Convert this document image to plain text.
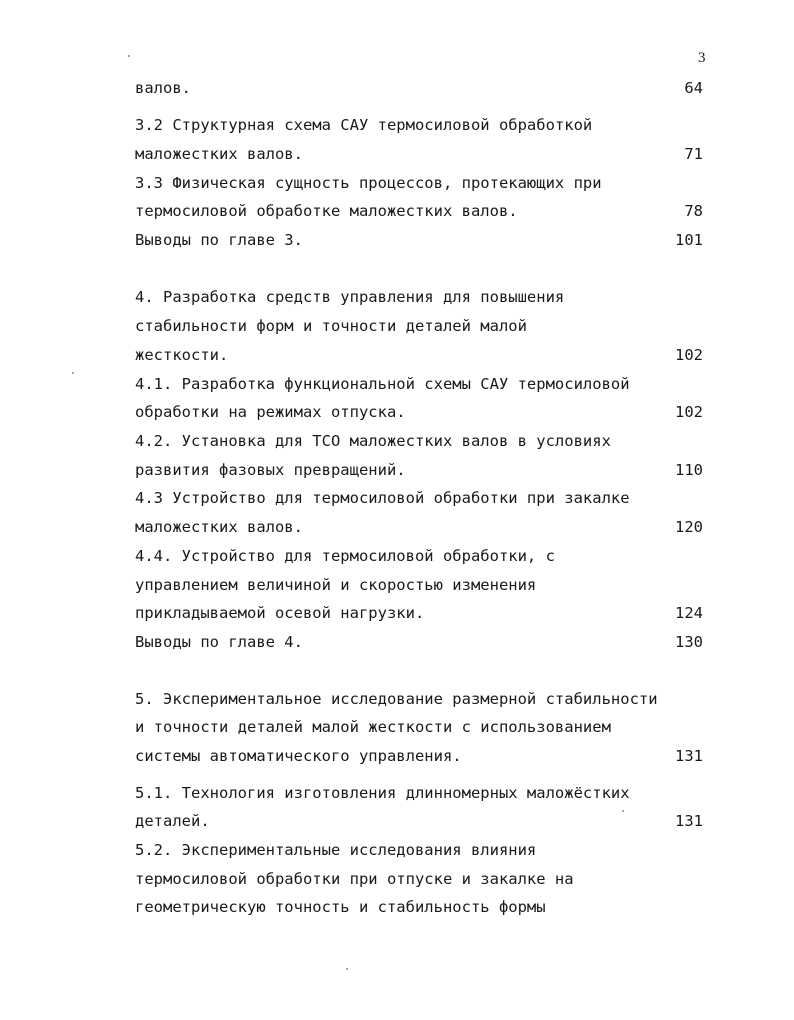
3
валов.	64
3.2 Структурная схема САУ термосиловой обработкой
маложестких валов.	71
3.3 Физическая сущность процессов, протекающих при
термосиловой обработке маложестких валов.	78
Выводы по главе 3.	101
4. Разработка средств управления для повышения
стабильности форм и точности деталей малой
жесткости.	102
4.1. Разработка функциональной схемы САУ термосиловой
обработки на режимах отпуска.	102
4.2. Установка для ТСО маложестких валов в условиях
развития фазовых превращений.	110
4.3 Устройство для термосиловой обработки при закалке
маложестких валов.	120
4.4. Устройство для термосиловой обработки, с
управлением величиной и скоростью изменения
прикладываемой осевой нагрузки.	124
Выводы по главе 4.	130
5. Экспериментальное исследование размерной стабильности
и точности деталей малой жесткости с использованием
системы автоматического управления.	131
5.1. Технология изготовления длинномерных маложёстких
деталей.	131
5.2. Экспериментальные исследования влияния
термосиловой обработки при отпуске и закалке на
геометрическую точность и стабильность формы
